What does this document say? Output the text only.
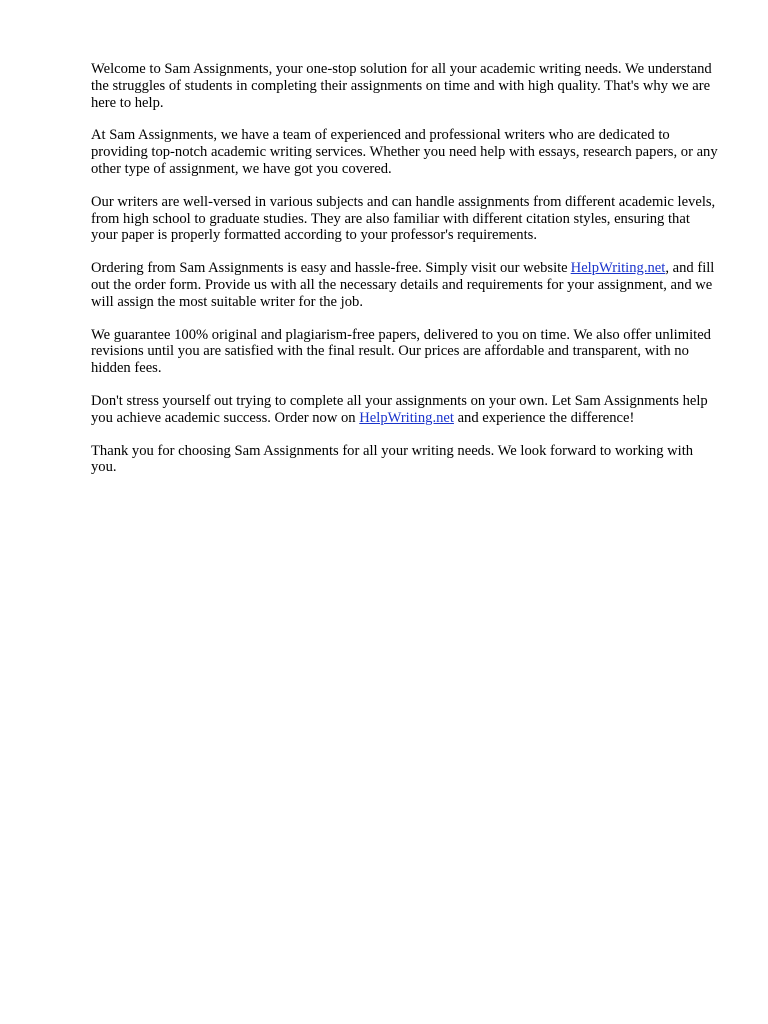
Welcome to Sam Assignments, your one-stop solution for all your academic writing needs. We understand the struggles of students in completing their assignments on time and with high quality. That's why we are here to help.

At Sam Assignments, we have a team of experienced and professional writers who are dedicated to providing top-notch academic writing services. Whether you need help with essays, research papers, or any other type of assignment, we have got you covered.

Our writers are well-versed in various subjects and can handle assignments from different academic levels, from high school to graduate studies. They are also familiar with different citation styles, ensuring that your paper is properly formatted according to your professor's requirements.

Ordering from Sam Assignments is easy and hassle-free. Simply visit our website HelpWriting.net, and fill out the order form. Provide us with all the necessary details and requirements for your assignment, and we will assign the most suitable writer for the job.

We guarantee 100% original and plagiarism-free papers, delivered to you on time. We also offer unlimited revisions until you are satisfied with the final result. Our prices are affordable and transparent, with no hidden fees.

Don't stress yourself out trying to complete all your assignments on your own. Let Sam Assignments help you achieve academic success. Order now on HelpWriting.net and experience the difference!

Thank you for choosing Sam Assignments for all your writing needs. We look forward to working with you.
